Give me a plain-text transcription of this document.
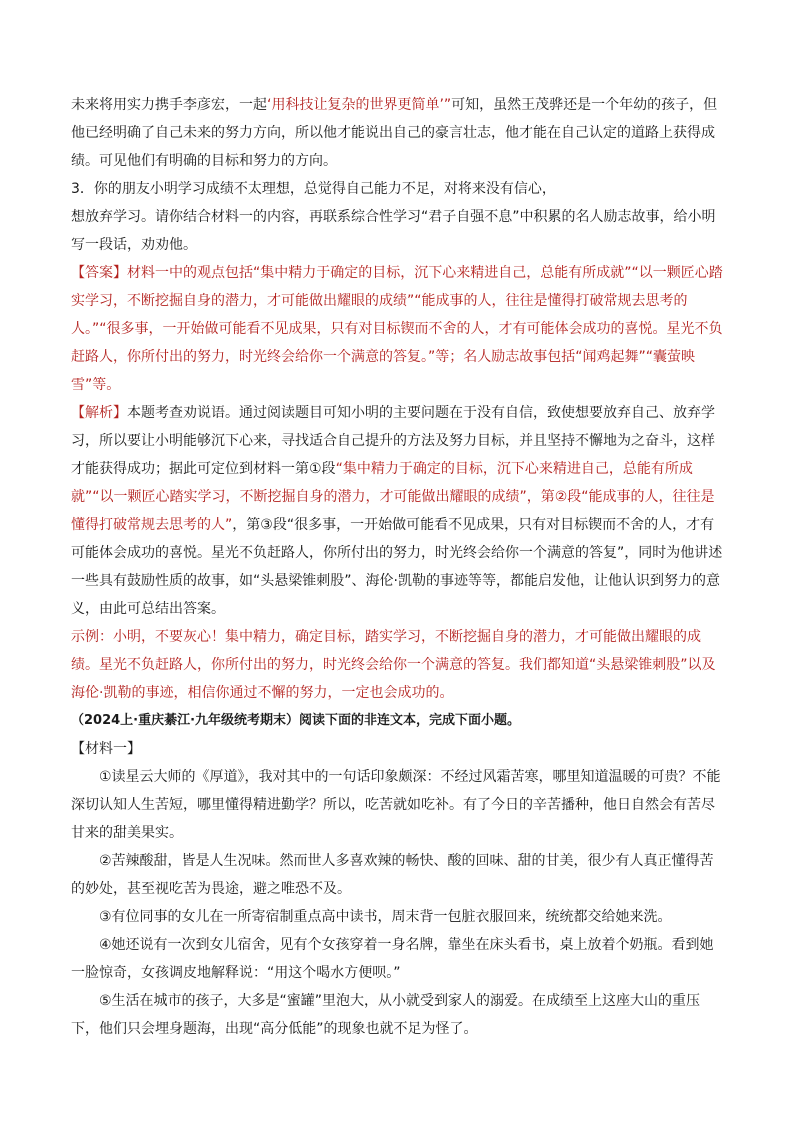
未来将用实力携手李彦宏，一起‘用科技让复杂的世界更简单’”可知，虽然王茂骅还是一个年幼的孩子，但他已经明确了自己未来的努力方向，所以他才能说出自己的豪言壮志，他才能在自己认定的道路上获得成绩。可见他们有明确的目标和努力的方向。

3．你的朋友小明学习成绩不太理想，总觉得自己能力不足，对将来没有信心，

想放弃学习。请你结合材料一的内容，再联系综合性学习“君子自强不息”中积累的名人励志故事，给小明写一段话，劝劝他。

【答案】材料一中的观点包括“集中精力于确定的目标，沉下心来精进自己，总能有所成就”“以一颗匠心踏实学习，不断挖掘自身的潜力，才可能做出耀眼的成绩”“能成事的人，往往是懂得打破常规去思考的人。”“很多事，一开始做可能看不见成果，只有对目标锲而不舍的人，才有可能体会成功的喜悦。星光不负赶路人，你所付出的努力，时光终会给你一个满意的答复。”等；名人励志故事包括“闻鸡起舞”“囊萤映雪”等。

【解析】本题考查劝说语。通过阅读题目可知小明的主要问题在于没有自信，致使想要放弃自己、放弃学习，所以要让小明能够沉下心来，寻找适合自己提升的方法及努力目标，并且坚持不懈地为之奋斗，这样才能获得成功；据此可定位到材料一第①段“集中精力于确定的目标，沉下心来精进自己，总能有所成就”“以一颗匠心踏实学习，不断挖掘自身的潜力，才可能做出耀眼的成绩”，第②段“能成事的人，往往是懂得打破常规去思考的人”，第③段“很多事，一开始做可能看不见成果，只有对目标锲而不舍的人，才有可能体会成功的喜悦。星光不负赶路人，你所付出的努力，时光终会给你一个满意的答复”，同时为他讲述一些具有鼓励性质的故事，如“头悬梁锥刺股”、海伦·凯勒的事迹等等，都能启发他，让他认识到努力的意义，由此可总结出答案。

示例：小明，不要灰心！集中精力，确定目标，踏实学习，不断挖掘自身的潜力，才可能做出耀眼的成绩。星光不负赶路人，你所付出的努力，时光终会给你一个满意的答复。我们都知道“头悬梁锥刺股”以及海伦·凯勒的事迹，相信你通过不懈的努力，一定也会成功的。

（2024上·重庆綦江·九年级统考期末）阅读下面的非连文本，完成下面小题。

【材料一】

①读星云大师的《厚道》，我对其中的一句话印象颇深：不经过风霜苦寒，哪里知道温暖的可贵？不能深切认知人生苦短，哪里懂得精进勤学？所以，吃苦就如吃补。有了今日的辛苦播种，他日自然会有苦尽甘来的甜美果实。

②苦辣酸甜，皆是人生况味。然而世人多喜欢辣的畅快、酸的回味、甜的甘美，很少有人真正懂得苦的妙处，甚至视吃苦为畏途，避之唯恐不及。

③有位同事的女儿在一所寄宿制重点高中读书，周末背一包脏衣服回来，统统都交给她来洗。

④她还说有一次到女儿宿舍，见有个女孩穿着一身名牌，靠坐在床头看书，桌上放着个奶瓶。看到她一脸惊奇，女孩调皮地解释说：“用这个喝水方便呗。”

⑤生活在城市的孩子，大多是“蜜罐”里泡大，从小就受到家人的溺爱。在成绩至上这座大山的重压下，他们只会埋身题海，出现“高分低能”的现象也就不足为怪了。
